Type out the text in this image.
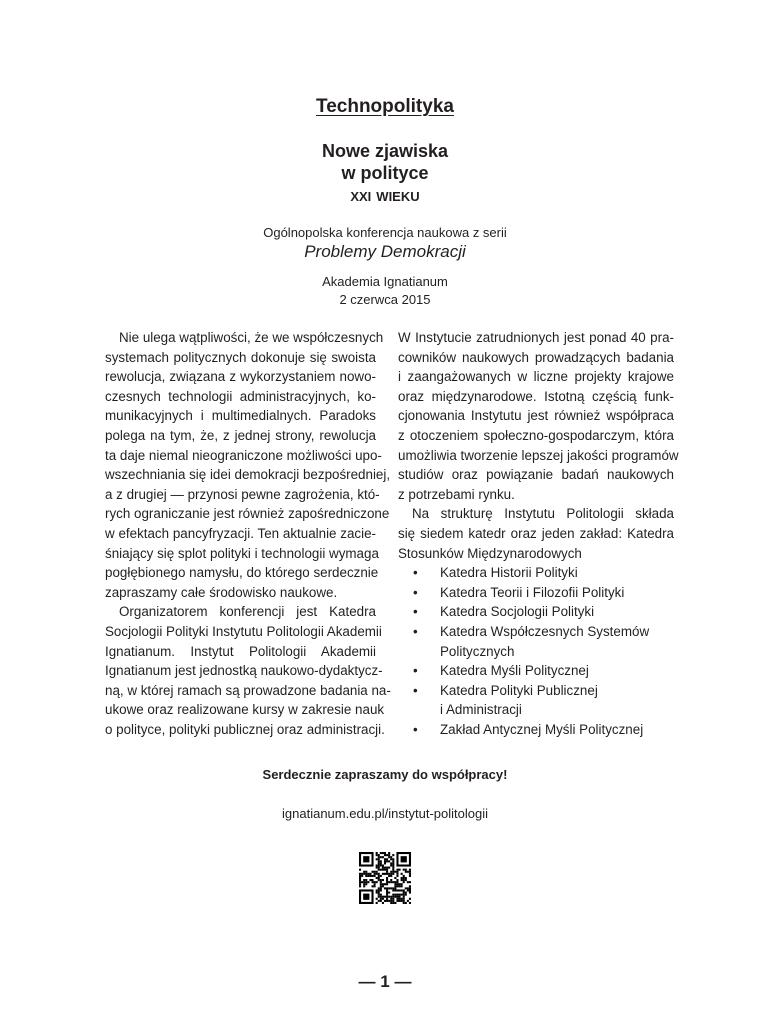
Technopolityka
Nowe zjawiska
w polityce
xxi wieku
Ogólnopolska konferencja naukowa z serii
Problemy Demokracji
Akademia Ignatianum
2 czerwca 2015
Nie ulega wątpliwości, że we współczesnych
systemach politycznych dokonuje się swoista
rewolucja, związana z wykorzystaniem nowo-
czesnych technologii administracyjnych, ko-
munikacyjnych i multimedialnych. Paradoks
polega na tym, że, z jednej strony, rewolucja
ta daje niemal nieograniczone możliwości upo-
wszechniania się idei demokracji bezpośredniej,
a z drugiej — przynosi pewne zagrożenia, któ-
rych ograniczanie jest również zapośredniczone
w efektach pancyfryzacji. Ten aktualnie zacie-
śniający się splot polityki i technologii wymaga
pogłębionego namysłu, do którego serdecznie
zapraszamy całe środowisko naukowe.
Organizatorem konferencji jest Katedra
Socjologii Polityki Instytutu Politologii Akademii
Ignatianum. Instytut Politologii Akademii
Ignatianum jest jednostką naukowo-dydaktycz-
ną, w której ramach są prowadzone badania na-
ukowe oraz realizowane kursy w zakresie nauk
o polityce, polityki publicznej oraz administracji.
W Instytucie zatrudnionych jest ponad 40 pra-
cowników naukowych prowadzących badania
i zaangażowanych w liczne projekty krajowe
oraz międzynarodowe. Istotną częścią funk-
cjonowania Instytutu jest również współpraca
z otoczeniem społeczno-gospodarczym, która
umożliwia tworzenie lepszej jakości programów
studiów oraz powiązanie badań naukowych
z potrzebami rynku.
Na strukturę Instytutu Politologii składa
się siedem katedr oraz jeden zakład: Katedra
Stosunków Międzynarodowych
• Katedra Historii Polityki
• Katedra Teorii i Filozofii Polityki
• Katedra Socjologii Polityki
• Katedra Współczesnych Systemów
Politycznych
• Katedra Myśli Politycznej
• Katedra Polityki Publicznej
i Administracji
• Zakład Antycznej Myśli Politycznej
Serdecznie zapraszamy do współpracy!
ignatianum.edu.pl/instytut-politologii
— 1 —
